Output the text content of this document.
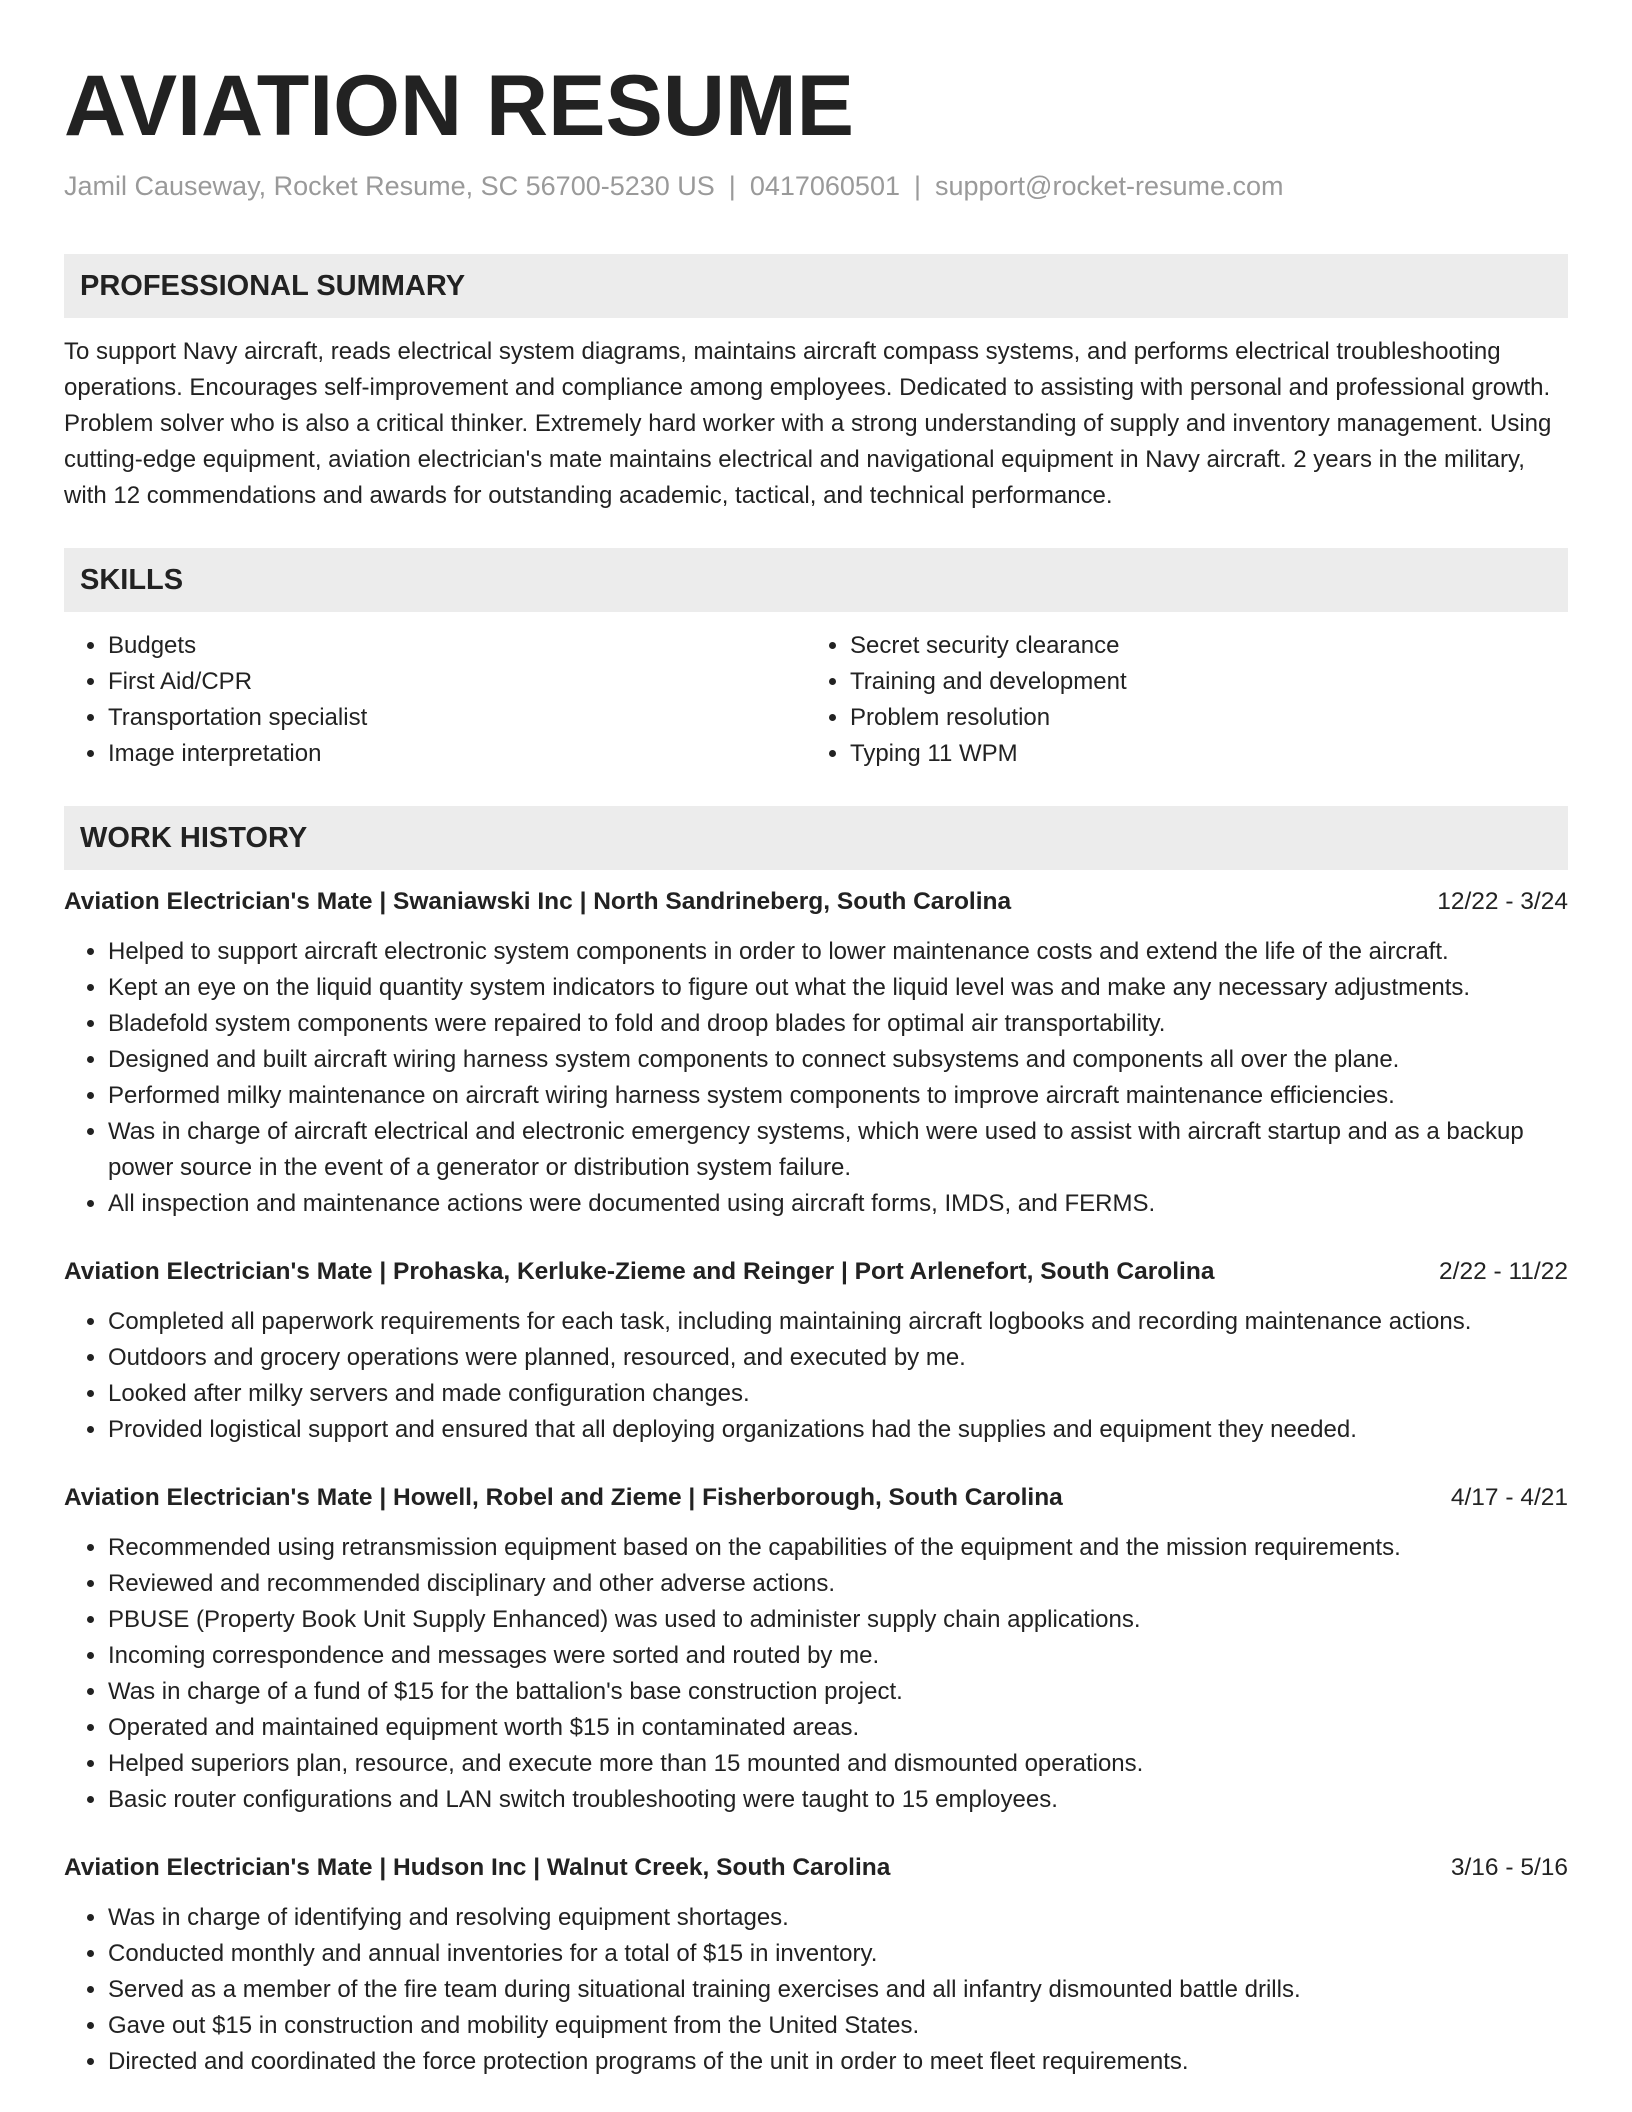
AVIATION RESUME
Jamil Causeway, Rocket Resume, SC 56700-5230 US | 0417060501 | support@rocket-resume.com
PROFESSIONAL SUMMARY
To support Navy aircraft, reads electrical system diagrams, maintains aircraft compass systems, and performs electrical troubleshooting operations. Encourages self-improvement and compliance among employees. Dedicated to assisting with personal and professional growth. Problem solver who is also a critical thinker. Extremely hard worker with a strong understanding of supply and inventory management. Using cutting-edge equipment, aviation electrician's mate maintains electrical and navigational equipment in Navy aircraft. 2 years in the military, with 12 commendations and awards for outstanding academic, tactical, and technical performance.
SKILLS
• Budgets
• First Aid/CPR
• Transportation specialist
• Image interpretation
• Secret security clearance
• Training and development
• Problem resolution
• Typing 11 WPM
WORK HISTORY
Aviation Electrician's Mate | Swaniawski Inc | North Sandrineberg, South Carolina	12/22 - 3/24
• Helped to support aircraft electronic system components in order to lower maintenance costs and extend the life of the aircraft.
• Kept an eye on the liquid quantity system indicators to figure out what the liquid level was and make any necessary adjustments.
• Bladefold system components were repaired to fold and droop blades for optimal air transportability.
• Designed and built aircraft wiring harness system components to connect subsystems and components all over the plane.
• Performed milky maintenance on aircraft wiring harness system components to improve aircraft maintenance efficiencies.
• Was in charge of aircraft electrical and electronic emergency systems, which were used to assist with aircraft startup and as a backup power source in the event of a generator or distribution system failure.
• All inspection and maintenance actions were documented using aircraft forms, IMDS, and FERMS.
Aviation Electrician's Mate | Prohaska, Kerluke-Zieme and Reinger | Port Arlenefort, South Carolina	2/22 - 11/22
• Completed all paperwork requirements for each task, including maintaining aircraft logbooks and recording maintenance actions.
• Outdoors and grocery operations were planned, resourced, and executed by me.
• Looked after milky servers and made configuration changes.
• Provided logistical support and ensured that all deploying organizations had the supplies and equipment they needed.
Aviation Electrician's Mate | Howell, Robel and Zieme | Fisherborough, South Carolina	4/17 - 4/21
• Recommended using retransmission equipment based on the capabilities of the equipment and the mission requirements.
• Reviewed and recommended disciplinary and other adverse actions.
• PBUSE (Property Book Unit Supply Enhanced) was used to administer supply chain applications.
• Incoming correspondence and messages were sorted and routed by me.
• Was in charge of a fund of $15 for the battalion's base construction project.
• Operated and maintained equipment worth $15 in contaminated areas.
• Helped superiors plan, resource, and execute more than 15 mounted and dismounted operations.
• Basic router configurations and LAN switch troubleshooting were taught to 15 employees.
Aviation Electrician's Mate | Hudson Inc | Walnut Creek, South Carolina	3/16 - 5/16
• Was in charge of identifying and resolving equipment shortages.
• Conducted monthly and annual inventories for a total of $15 in inventory.
• Served as a member of the fire team during situational training exercises and all infantry dismounted battle drills.
• Gave out $15 in construction and mobility equipment from the United States.
• Directed and coordinated the force protection programs of the unit in order to meet fleet requirements.
